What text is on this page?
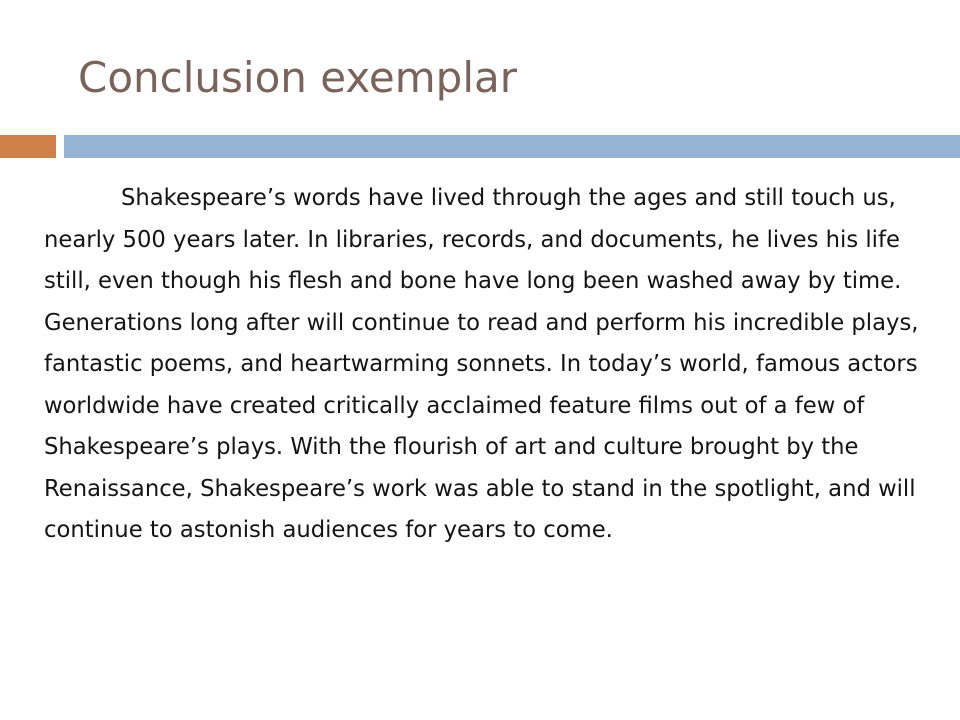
Conclusion exemplar

Shakespeare’s words have lived through the ages and still touch us, nearly 500 years later. In libraries, records, and documents, he lives his life still, even though his flesh and bone have long been washed away by time. Generations long after will continue to read and perform his incredible plays, fantastic poems, and heartwarming sonnets. In today’s world, famous actors worldwide have created critically acclaimed feature films out of a few of Shakespeare’s plays. With the flourish of art and culture brought by the Renaissance, Shakespeare’s work was able to stand in the spotlight, and will continue to astonish audiences for years to come.
